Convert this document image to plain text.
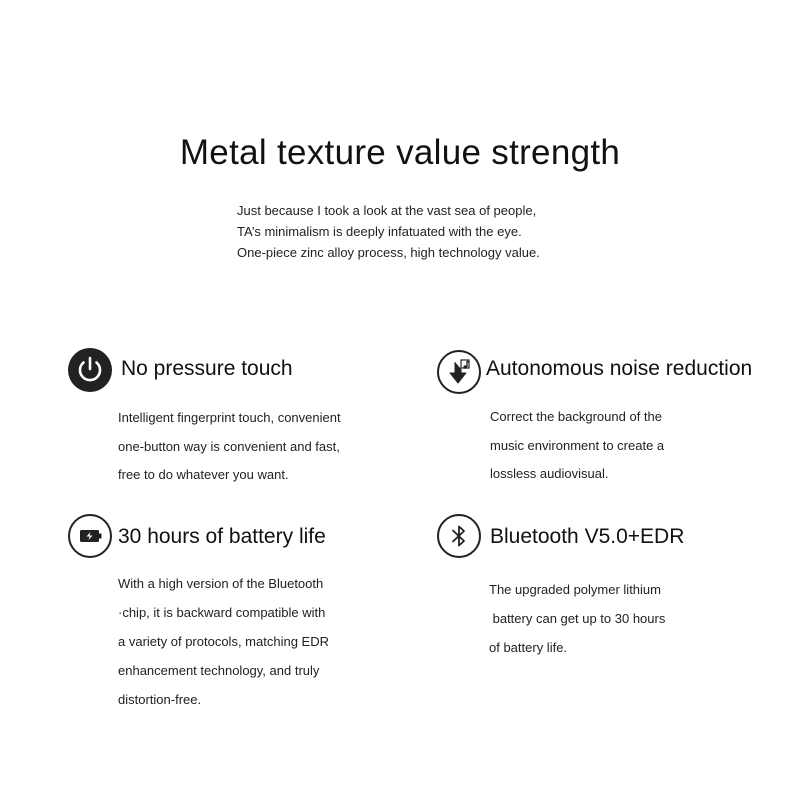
Metal texture value strength
Just because I took a look at the vast sea of people,
TA’s minimalism is deeply infatuated with the eye.
One-piece zinc alloy process, high technology value.
No pressure touch
Intelligent fingerprint touch, convenient
one-button way is convenient and fast,
free to do whatever you want.
Autonomous noise reduction
Correct the background of the
music environment to create a
lossless audiovisual.
30 hours of battery life
With a high version of the Bluetooth
·chip, it is backward compatible with
a variety of protocols, matching EDR
enhancement technology, and truly
distortion-free.
Bluetooth V5.0+EDR
The upgraded polymer lithium
battery can get up to 30 hours
of battery life.
